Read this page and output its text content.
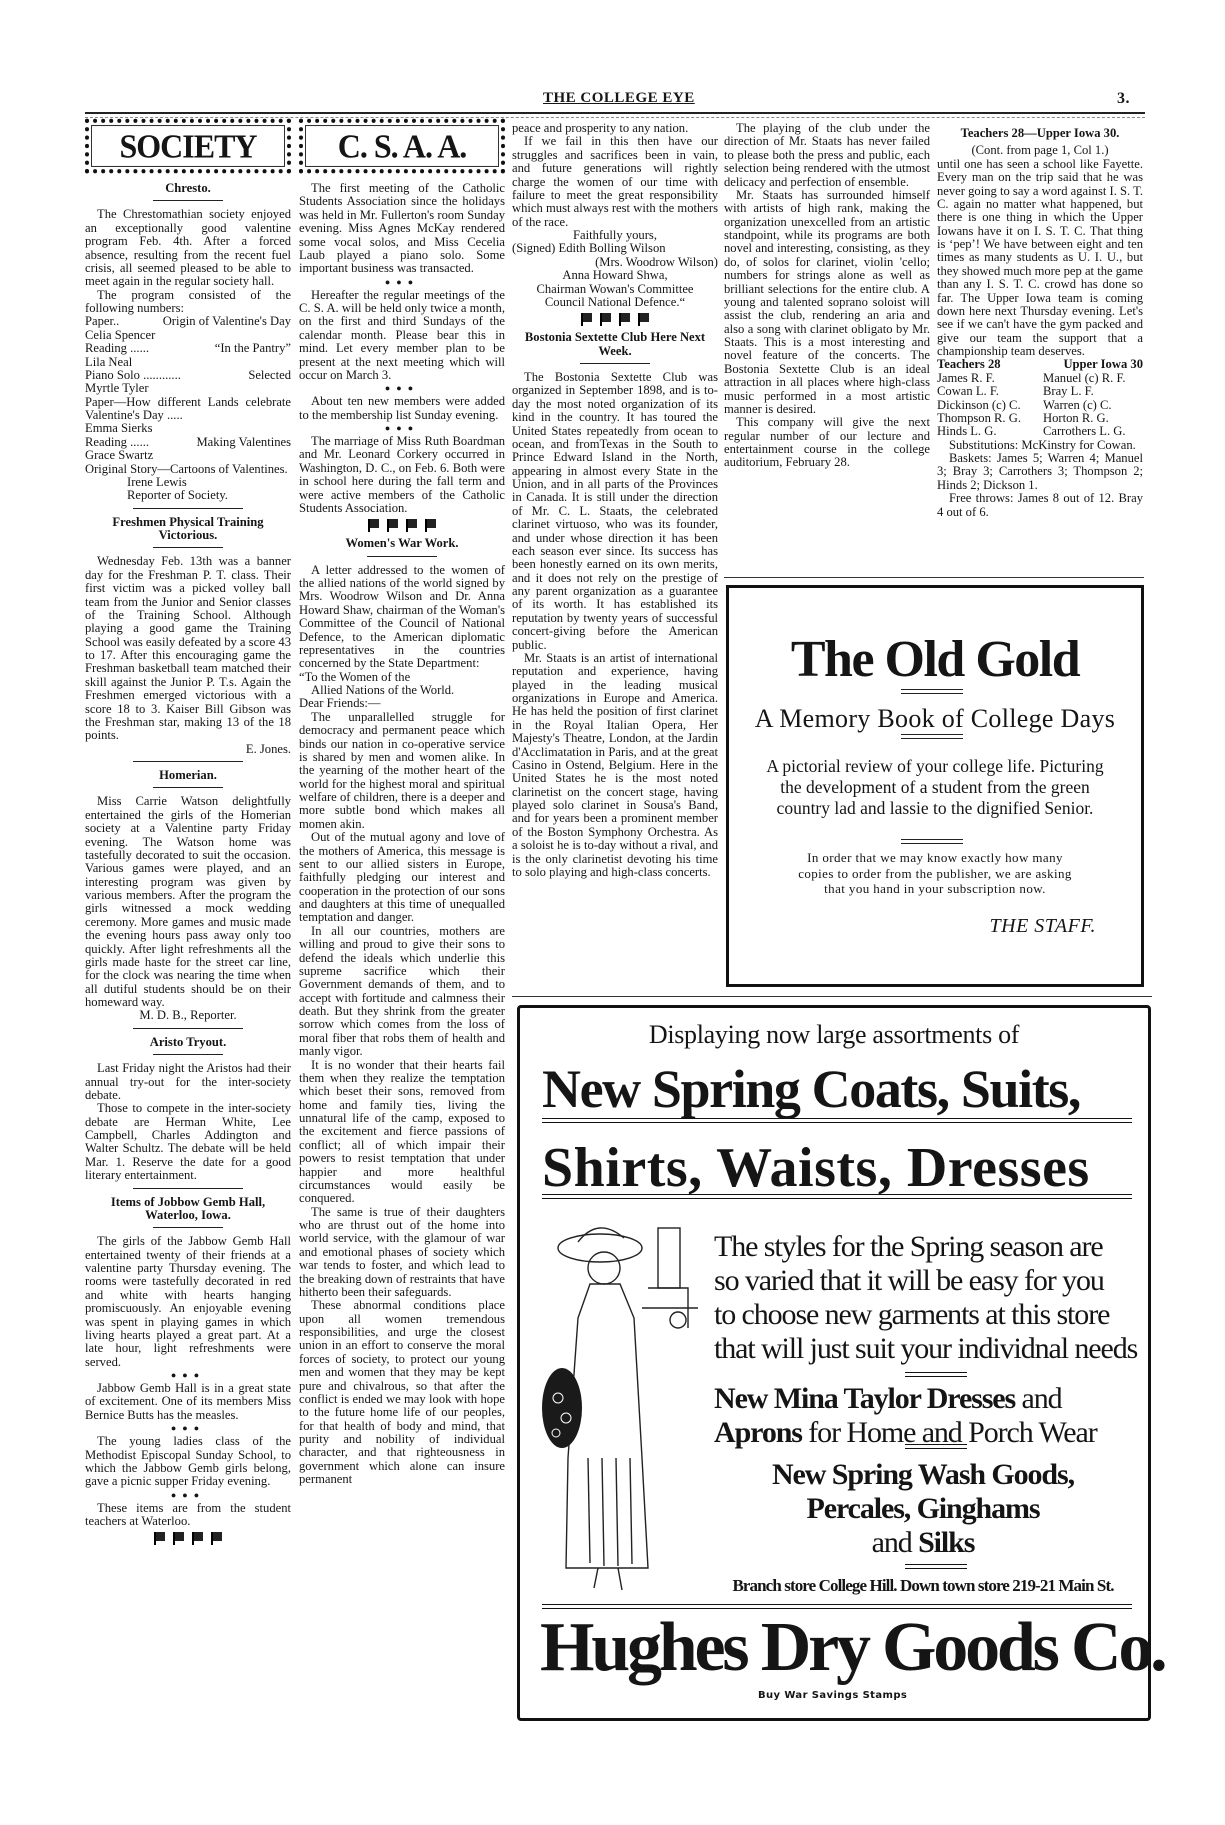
THE COLLEGE EYE	3.
SOCIETY
Chresto.

The Chrestomathian society enjoyed an exceptionally good valentine program Feb. 4th. After a forced absence, resulting from the recent fuel crisis, all seemed pleased to be able to meet again in the regular society hall.

The program consisted of the following numbers:

Paper..	Origin of Valentine's Day
Celia Spencer
Reading ......	“In the Pantry”
Lila Neal
Piano Solo ............	Selected
Myrtle Tyler
Paper—How different Lands celebrate Valentine's Day .....
Emma Sierks
Reading ......	Making Valentines
Grace Swartz

Original Story—Cartoons of Valentines.

Irene Lewis
Reporter of Society.
Freshmen Physical Training Victorious.

Wednesday Feb. 13th was a banner day for the Freshman P. T. class. Their first victim was a picked volley ball team from the Junior and Senior classes of the Training School. Although playing a good game the Training School was easily defeated by a score 43 to 17. After this encouraging game the Freshman basketball team matched their skill against the Junior P. T.s. Again the Freshmen emerged victorious with a score 18 to 3. Kaiser Bill Gibson was the Freshman star, making 13 of the 18 points.

E. Jones.
Homerian.

Miss Carrie Watson delightfully entertained the girls of the Homerian society at a Valentine party Friday evening. The Watson home was tastefully decorated to suit the occasion. Various games were played, and an interesting program was given by various members. After the program the girls witnessed a mock wedding ceremony. More games and music made the evening hours pass away only too quickly. After light refreshments all the girls made haste for the street car line, for the clock was nearing the time when all dutiful students should be on their homeward way.

M. D. B., Reporter.
Aristo Tryout.

Last Friday night the Aristos had their annual try-out for the inter-society debate.

Those to compete in the inter-society debate are Herman White, Lee Campbell, Charles Addington and Walter Schultz. The debate will be held Mar. 1. Reserve the date for a good literary entertainment.

Items of Jobbow Gemb Hall, Waterloo, Iowa.

The girls of the Jabbow Gemb Hall entertained twenty of their friends at a valentine party Thursday evening. The rooms were tastefully decorated in red and white with hearts hanging promiscuously. An enjoyable evening was spent in playing games in which living hearts played a great part. At a late hour, light refreshments were served.

●●●

Jabbow Gemb Hall is in a great state of excitement. One of its members Miss Bernice Butts has the measles.

●●●

The young ladies class of the Methodist Episcopal Sunday School, to which the Jabbow Gemb girls belong, gave a picnic supper Friday evening.

●●●

These items are from the student teachers at Waterloo.

C. S. A. A.

The first meeting of the Catholic Students Association since the holidays was held in Mr. Fullerton's room Sunday evening. Miss Agnes McKay rendered some vocal solos, and Miss Cecelia Laub played a piano solo. Some important business was transacted.

●●●

Hereafter the regular meetings of the C. S. A. will be held only twice a month, on the first and third Sundays of the calendar month. Please bear this in mind. Let every member plan to be present at the next meeting which will occur on March 3.

●●●

About ten new members were added to the membership list Sunday evening.

●●●

The marriage of Miss Ruth Boardman and Mr. Leonard Corkery occurred in Washington, D. C., on Feb. 6. Both were in school here during the fall term and were active members of the Catholic Students Association.

Women's War Work.

A letter addressed to the women of the allied nations of the world signed by Mrs. Woodrow Wilson and Dr. Anna Howard Shaw, chairman of the Woman's Committee of the Council of National Defence, to the American diplomatic representatives in the countries concerned by the State Department:

“To the Women of the

Allied Nations of the World.

Dear Friends:—

The unparallelled struggle for democracy and permanent peace which binds our nation in co-operative service is shared by men and women alike. In the yearning of the mother heart of the world for the highest moral and spiritual welfare of children, there is a deeper and more subtle bond which makes all momen akin.

Out of the mutual agony and love of the mothers of America, this message is sent to our allied sisters in Europe, faithfully pledging our interest and cooperation in the protection of our sons and daughters at this time of unequalled temptation and danger.

In all our countries, mothers are willing and proud to give their sons to defend the ideals which underlie this supreme sacrifice which their Government demands of them, and to accept with fortitude and calmness their death. But they shrink from the greater sorrow which comes from the loss of moral fiber that robs them of health and manly vigor.

It is no wonder that their hearts fail them when they realize the temptation which beset their sons, removed from home and family ties, living the unnatural life of the camp, exposed to the excitement and fierce passions of conflict; all of which impair their powers to resist temptation that under happier and more healthful circumstances would easily be conquered.

The same is true of their daughters who are thrust out of the home into world service, with the glamour of war and emotional phases of society which war tends to foster, and which lead to the breaking down of restraints that have hitherto been their safeguards.

These abnormal conditions place upon all women tremendous responsibilities, and urge the closest union in an effort to conserve the moral forces of society, to protect our young men and women that they may be kept pure and chivalrous, so that after the conflict is ended we may look with hope to the future home life of our peoples, for that health of body and mind, that purity and nobility of individual character, and that righteousness in government which alone can insure permanent

peace and prosperity to any nation.

If we fail in this then have our struggles and sacrifices been in vain, and future generations will rightly charge the women of our time with failure to meet the great responsibility which must always rest with the mothers of the race.

Faithfully yours,

(Signed) Edith Bolling Wilson

(Mrs. Woodrow Wilson)
Anna Howard Shwa,
Chairman Wowan's Committee
Council National Defence.“
Bostonia Sextette Club Here Next Week.

The Bostonia Sextette Club was organized in September 1898, and is to-day the most noted organization of its kind in the country. It has toured the United States repeatedly from ocean to ocean, and fromTexas in the South to Prince Edward Island in the North, appearing in almost every State in the Union, and in all parts of the Provinces in Canada. It is still under the direction of Mr. C. L. Staats, the celebrated clarinet virtuoso, who was its founder, and under whose direction it has been each season ever since. Its success has been honestly earned on its own merits, and it does not rely on the prestige of any parent organization as a guarantee of its worth. It has established its reputation by twenty years of successful concert-giving before the American public.

Mr. Staats is an artist of international reputation and experience, having played in the leading musical organizations in Europe and America. He has held the position of first clarinet in the Royal Italian Opera, Her Majesty's Theatre, London, at the Jardin d'Acclimatation in Paris, and at the great Casino in Ostend, Belgium. Here in the United States he is the most noted clarinetist on the concert stage, having played solo clarinet in Sousa's Band, and for years been a prominent member of the Boston Symphony Orchestra. As a soloist he is to-day without a rival, and is the only clarinetist devoting his time to solo playing and high-class concerts.

The playing of the club under the direction of Mr. Staats has never failed to please both the press and public, each selection being rendered with the utmost delicacy and perfection of ensemble.

Mr. Staats has surrounded himself with artists of high rank, making the organization unexcelled from an artistic standpoint, while its programs are both novel and interesting, consisting, as they do, of solos for clarinet, violin 'cello; numbers for strings alone as well as brilliant selections for the entire club. A young and talented soprano soloist will assist the club, rendering an aria and also a song with clarinet obligato by Mr. Staats. This is a most interesting and novel feature of the concerts. The Bostonia Sextette Club is an ideal attraction in all places where high-class music performed in a most artistic manner is desired.

This company will give the next regular number of our lecture and entertainment course in the college auditorium, February 28.

Teachers 28—Upper Iowa 30.
(Cont. from page 1, Col 1.)

until one has seen a school like Fayette. Every man on the trip said that he was never going to say a word against I. S. T. C. again no matter what happened, but there is one thing in which the Upper Iowans have it on I. S. T. C. That thing is ‘pep’! We have between eight and ten times as many students as U. I. U., but they showed much more pep at the game than any I. S. T. C. crowd has done so far. The Upper Iowa team is coming down here next Thursday evening. Let's see if we can't have the gym packed and give our team the support that a championship team deserves.

Teachers 28	Upper Iowa 30
James R. F.	Manuel (c) R. F.
Cowan L. F.	Bray L. F.
Dickinson (c) C.	Warren (c) C.
Thompson R. G.	Horton R. G.
Hinds L. G.	Carrothers L. G.

Substitutions: McKinstry for Cowan.

Baskets: James 5; Warren 4; Manuel 3; Bray 3; Carrothers 3; Thompson 2; Hinds 2; Dickson 1.

Free throws: James 8 out of 12. Bray 4 out of 6.

The Old Gold
A Memory Book of College Days
A pictorial review of your college life. Picturing the development of a student from the green country lad and lassie to the dignified Senior.
In order that we may know exactly how many copies to order from the publisher, we are asking that you hand in your subscription now.
THE STAFF.
Displaying now large assortments of
New Spring Coats, Suits,
Shirts, Waists, Dresses
The styles for the Spring season are
so varied that it will be easy for you
to choose new garments at this store
that will just suit your individnal needs
New Mina Taylor Dresses and
Aprons for Home and Porch Wear
New Spring Wash Goods,
Percales, Ginghams
and Silks
Branch store College Hill. Down town store 219-21 Main St.
Hughes Dry Goods Co.
Buy War Savings Stamps
